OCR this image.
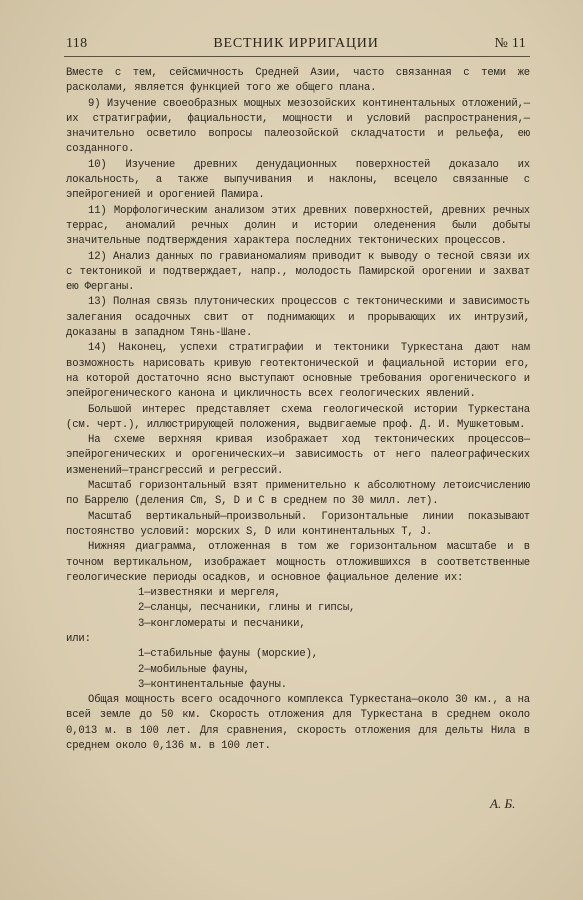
118	ВЕСТНИК ИРРИГАЦИИ	№ 11

Вместе с тем, сейсмичность Средней Азии, часто связанная с теми же расколами, является функцией того же общего плана.

9) Изучение своеобразных мощных мезозойских континентальных отложений,—их стратиграфии, фациальности, мощности и условий распространения,—значительно осветило вопросы палеозойской складчатости и рельефа, ею созданного.

10) Изучение древних денудационных поверхностей доказало их локальность, а также выпучивания и наклоны, всецело связанные с эпейрогенией и орогенией Памира.

11) Морфологическим анализом этих древних поверхностей, древних речных террас, аномалий речных долин и истории оледенения были добыты значительные подтверждения характера последних тектонических процессов.

12) Анализ данных по гравианомалиям приводит к выводу о тесной связи их с тектоникой и подтверждает, напр., молодость Памирской орогении и захват ею Ферганы.

13) Полная связь плутонических процессов с тектоническими и зависимость залегания осадочных свит от поднимающих и прорывающих их интрузий, доказаны в западном Тянь-Шане.

14) Наконец, успехи стратиграфии и тектоники Туркестана дают нам возможность нарисовать кривую геотектонической и фациальной истории его, на которой достаточно ясно выступают основные требования орогенического и эпейрогенического канона и цикличность всех геологических явлений.

Большой интерес представляет схема геологической истории Туркестана (см. черт.), иллюстрирующей положения, выдвигаемые проф. Д. И. Мушкетовым.

На схеме верхняя кривая изображает ход тектонических процессов—эпейрогенических и орогенических—и зависимость от него палеографических изменений—трансгрессий и регрессий.

Масштаб горизонтальный взят применительно к абсолютному летоисчислению по Баррелю (деления Cm, S, D и C в среднем по 30 милл. лет).

Масштаб вертикальный—произвольный. Горизонтальные линии показывают постоянство условий: морских S, D или континентальных T, J.

Нижняя диаграмма, отложенная в том же горизонтальном масштабе и в точном вертикальном, изображает мощность отложившихся в соответственные геологические периоды осадков, и основное фациальное деление их:

1—известняки и мергеля,
2—сланцы, песчаники, глины и гипсы,
3—конгломераты и песчаники,

или:

1—стабильные фауны (морские),
2—мобильные фауны,
3—континентальные фауны.

Общая мощность всего осадочного комплекса Туркестана—около 30 км., а на всей земле до 50 км. Скорость отложения для Туркестана в среднем около 0,013 м. в 100 лет. Для сравнения, скорость отложения для дельты Нила в среднем около 0,136 м. в 100 лет.

А. Б.
